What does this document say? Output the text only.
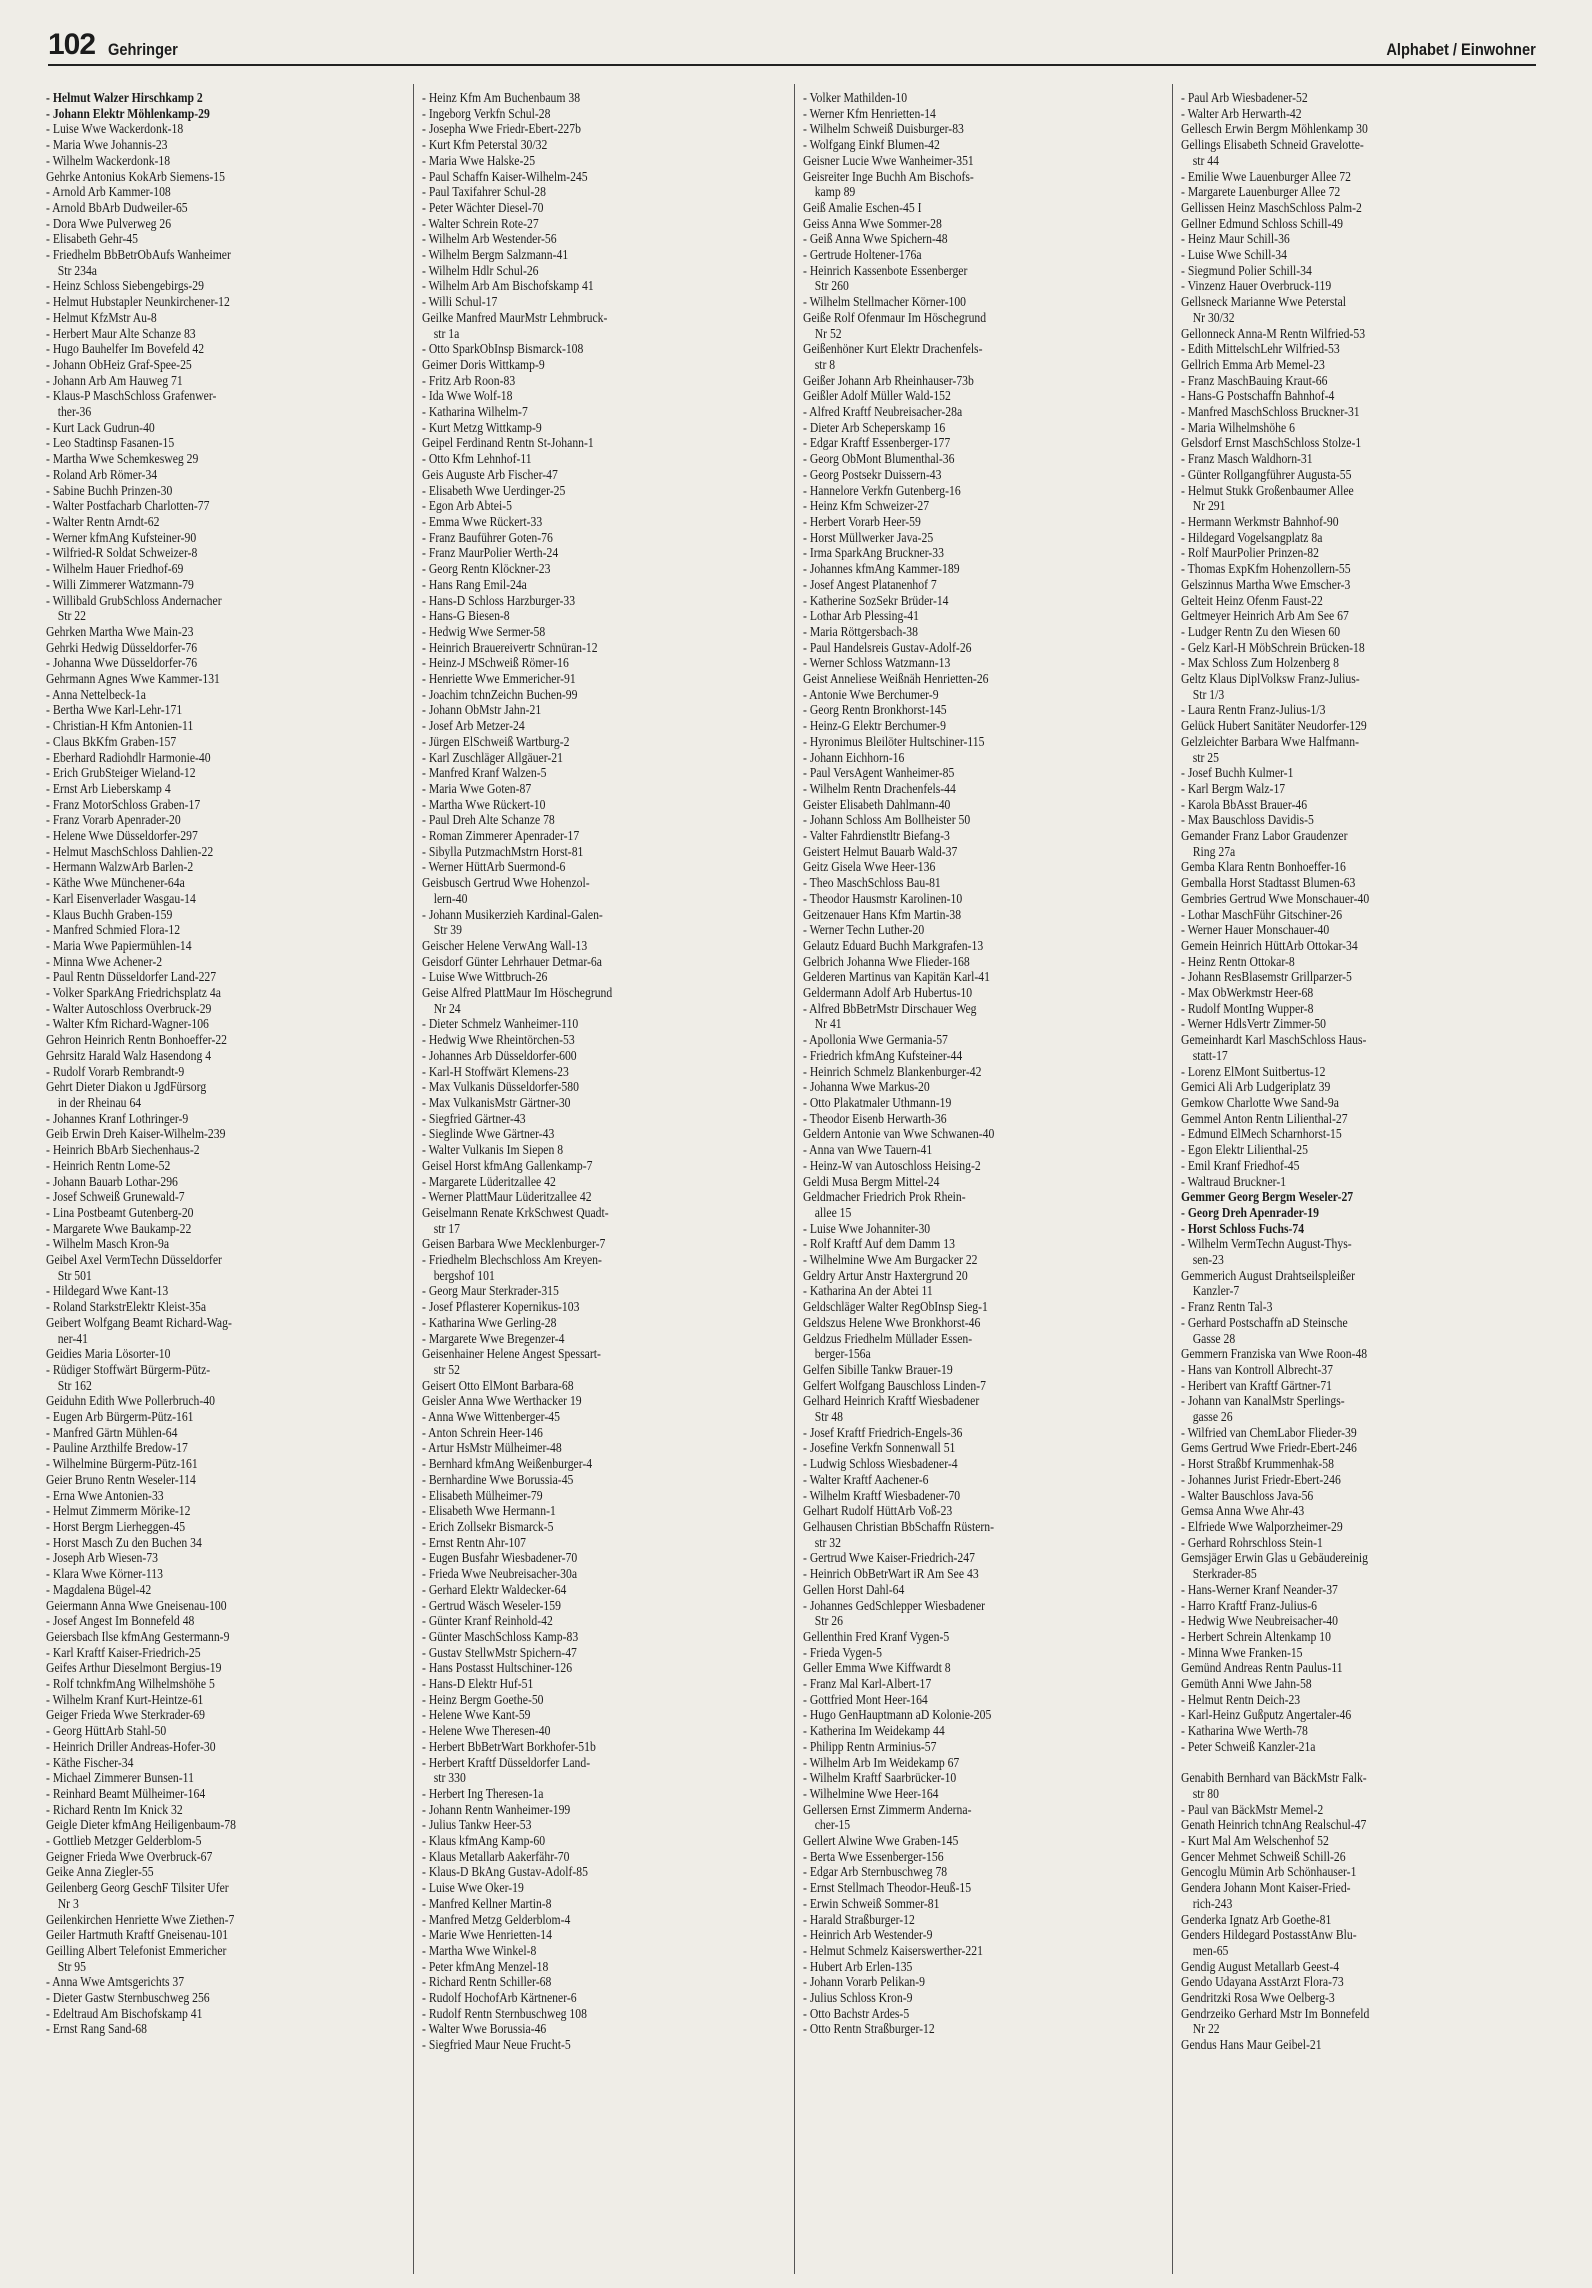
102 Gehringer	Alphabet / Einwohner
- Helmut Walzer Hirschkamp 2
- Johann Elektr Möhlenkamp-29
- Luise Wwe Wackerdonk-18
- Maria Wwe Johannis-23
- Wilhelm Wackerdonk-18
Gehrke Antonius KokArb Siemens-15
- Arnold Arb Kammer-108
- Arnold BbArb Dudweiler-65
- Dora Wwe Pulverweg 26
- Elisabeth Gehr-45
- Friedhelm BbBetrObAufs Wanheimer
Str 234a
- Heinz Schloss Siebengebirgs-29
- Helmut Hubstapler Neunkirchener-12
- Helmut KfzMstr Au-8
- Herbert Maur Alte Schanze 83
- Hugo Bauhelfer Im Bovefeld 42
- Johann ObHeiz Graf-Spee-25
- Johann Arb Am Hauweg 71
- Klaus-P MaschSchloss Grafenwer-
ther-36
- Kurt Lack Gudrun-40
- Leo Stadtinsp Fasanen-15
- Martha Wwe Schemkesweg 29
- Roland Arb Römer-34
- Sabine Buchh Prinzen-30
- Walter Postfacharb Charlotten-77
- Walter Rentn Arndt-62
- Werner kfmAng Kufsteiner-90
- Wilfried-R Soldat Schweizer-8
- Wilhelm Hauer Friedhof-69
- Willi Zimmerer Watzmann-79
- Willibald GrubSchloss Andernacher
Str 22
Gehrken Martha Wwe Main-23
Gehrki Hedwig Düsseldorfer-76
- Johanna Wwe Düsseldorfer-76
Gehrmann Agnes Wwe Kammer-131
- Anna Nettelbeck-1a
- Bertha Wwe Karl-Lehr-171
- Christian-H Kfm Antonien-11
- Claus BkKfm Graben-157
- Eberhard Radiohdlr Harmonie-40
- Erich GrubSteiger Wieland-12
- Ernst Arb Lieberskamp 4
- Franz MotorSchloss Graben-17
- Franz Vorarb Apenrader-20
- Helene Wwe Düsseldorfer-297
- Helmut MaschSchloss Dahlien-22
- Hermann WalzwArb Barlen-2
- Käthe Wwe Münchener-64a
- Karl Eisenverlader Wasgau-14
- Klaus Buchh Graben-159
- Manfred Schmied Flora-12
- Maria Wwe Papiermühlen-14
- Minna Wwe Achener-2
- Paul Rentn Düsseldorfer Land-227
- Volker SparkAng Friedrichsplatz 4a
- Walter Autoschloss Overbruck-29
- Walter Kfm Richard-Wagner-106
Gehron Heinrich Rentn Bonhoeffer-22
Gehrsitz Harald Walz Hasendong 4
- Rudolf Vorarb Rembrandt-9
Gehrt Dieter Diakon u JgdFürsorg
in der Rheinau 64
- Johannes Kranf Lothringer-9
Geib Erwin Dreh Kaiser-Wilhelm-239
- Heinrich BbArb Siechenhaus-2
- Heinrich Rentn Lome-52
- Johann Bauarb Lothar-296
- Josef Schweiß Grunewald-7
- Lina Postbeamt Gutenberg-20
- Margarete Wwe Baukamp-22
- Wilhelm Masch Kron-9a
Geibel Axel VermTechn Düsseldorfer
Str 501
- Hildegard Wwe Kant-13
- Roland StarkstrElektr Kleist-35a
Geibert Wolfgang Beamt Richard-Wag-
ner-41
Geidies Maria Lösorter-10
- Rüdiger Stoffwärt Bürgerm-Pütz-
Str 162
Geiduhn Edith Wwe Pollerbruch-40
- Eugen Arb Bürgerm-Pütz-161
- Manfred Gärtn Mühlen-64
- Pauline Arzthilfe Bredow-17
- Wilhelmine Bürgerm-Pütz-161
Geier Bruno Rentn Weseler-114
- Erna Wwe Antonien-33
- Helmut Zimmerm Mörike-12
- Horst Bergm Lierheggen-45
- Horst Masch Zu den Buchen 34
- Joseph Arb Wiesen-73
- Klara Wwe Körner-113
- Magdalena Bügel-42
Geiermann Anna Wwe Gneisenau-100
- Josef Angest Im Bonnefeld 48
Geiersbach Ilse kfmAng Gestermann-9
- Karl Kraftf Kaiser-Friedrich-25
Geifes Arthur Dieselmont Bergius-19
- Rolf tchnkfmAng Wilhelmshöhe 5
- Wilhelm Kranf Kurt-Heintze-61
Geiger Frieda Wwe Sterkrader-69
- Georg HüttArb Stahl-50
- Heinrich Driller Andreas-Hofer-30
- Käthe Fischer-34
- Michael Zimmerer Bunsen-11
- Reinhard Beamt Mülheimer-164
- Richard Rentn Im Knick 32
Geigle Dieter kfmAng Heiligenbaum-78
- Gottlieb Metzger Gelderblom-5
Geigner Frieda Wwe Overbruck-67
Geike Anna Ziegler-55
Geilenberg Georg GeschF Tilsiter Ufer
Nr 3
Geilenkirchen Henriette Wwe Ziethen-7
Geiler Hartmuth Kraftf Gneisenau-101
Geilling Albert Telefonist Emmericher
Str 95
- Anna Wwe Amtsgerichts 37
- Dieter Gastw Sternbuschweg 256
- Edeltraud Am Bischofskamp 41
- Ernst Rang Sand-68
- Heinz Kfm Am Buchenbaum 38
- Ingeborg Verkfn Schul-28
- Josepha Wwe Friedr-Ebert-227b
- Kurt Kfm Peterstal 30/32
- Maria Wwe Halske-25
- Paul Schaffn Kaiser-Wilhelm-245
- Paul Taxifahrer Schul-28
- Peter Wächter Diesel-70
- Walter Schrein Rote-27
- Wilhelm Arb Westender-56
- Wilhelm Bergm Salzmann-41
- Wilhelm Hdlr Schul-26
- Wilhelm Arb Am Bischofskamp 41
- Willi Schul-17
Geilke Manfred MaurMstr Lehmbruck-
str 1a
- Otto SparkObInsp Bismarck-108
Geimer Doris Wittkamp-9
- Fritz Arb Roon-83
- Ida Wwe Wolf-18
- Katharina Wilhelm-7
- Kurt Metzg Wittkamp-9
Geipel Ferdinand Rentn St-Johann-1
- Otto Kfm Lehnhof-11
Geis Auguste Arb Fischer-47
- Elisabeth Wwe Uerdinger-25
- Egon Arb Abtei-5
- Emma Wwe Rückert-33
- Franz Bauführer Goten-76
- Franz MaurPolier Werth-24
- Georg Rentn Klöckner-23
- Hans Rang Emil-24a
- Hans-D Schloss Harzburger-33
- Hans-G Biesen-8
- Hedwig Wwe Sermer-58
- Heinrich Brauereivertr Schnüran-12
- Heinz-J MSchweiß Römer-16
- Henriette Wwe Emmericher-91
- Joachim tchnZeichn Buchen-99
- Johann ObMstr Jahn-21
- Josef Arb Metzer-24
- Jürgen ElSchweiß Wartburg-2
- Karl Zuschläger Allgäuer-21
- Manfred Kranf Walzen-5
- Maria Wwe Goten-87
- Martha Wwe Rückert-10
- Paul Dreh Alte Schanze 78
- Roman Zimmerer Apenrader-17
- Sibylla PutzmachMstrn Horst-81
- Werner HüttArb Suermond-6
Geisbusch Gertrud Wwe Hohenzol-
lern-40
- Johann Musikerzieh Kardinal-Galen-
Str 39
Geischer Helene VerwAng Wall-13
Geisdorf Günter Lehrhauer Detmar-6a
- Luise Wwe Wittbruch-26
Geise Alfred PlattMaur Im Höschegrund
Nr 24
- Dieter Schmelz Wanheimer-110
- Hedwig Wwe Rheintörchen-53
- Johannes Arb Düsseldorfer-600
- Karl-H Stoffwärt Klemens-23
- Max Vulkanis Düsseldorfer-580
- Max VulkanisMstr Gärtner-30
- Siegfried Gärtner-43
- Sieglinde Wwe Gärtner-43
- Walter Vulkanis Im Siepen 8
Geisel Horst kfmAng Gallenkamp-7
- Margarete Lüderitzallee 42
- Werner PlattMaur Lüderitzallee 42
Geiselmann Renate KrkSchwest Quadt-
str 17
Geisen Barbara Wwe Mecklenburger-7
- Friedhelm Blechschloss Am Kreyen-
bergshof 101
- Georg Maur Sterkrader-315
- Josef Pflasterer Kopernikus-103
- Katharina Wwe Gerling-28
- Margarete Wwe Bregenzer-4
Geisenhainer Helene Angest Spessart-
str 52
Geisert Otto ElMont Barbara-68
Geisler Anna Wwe Werthacker 19
- Anna Wwe Wittenberger-45
- Anton Schrein Heer-146
- Artur HsMstr Mülheimer-48
- Bernhard kfmAng Weißenburger-4
- Bernhardine Wwe Borussia-45
- Elisabeth Mülheimer-79
- Elisabeth Wwe Hermann-1
- Erich Zollsekr Bismarck-5
- Ernst Rentn Ahr-107
- Eugen Busfahr Wiesbadener-70
- Frieda Wwe Neubreisacher-30a
- Gerhard Elektr Waldecker-64
- Gertrud Wäsch Weseler-159
- Günter Kranf Reinhold-42
- Günter MaschSchloss Kamp-83
- Gustav StellwMstr Spichern-47
- Hans Postasst Hultschiner-126
- Hans-D Elektr Huf-51
- Heinz Bergm Goethe-50
- Helene Wwe Kant-59
- Helene Wwe Theresen-40
- Herbert BbBetrWart Borkhofer-51b
- Herbert Kraftf Düsseldorfer Land-
str 330
- Herbert Ing Theresen-1a
- Johann Rentn Wanheimer-199
- Julius Tankw Heer-53
- Klaus kfmAng Kamp-60
- Klaus Metallarb Aakerfähr-70
- Klaus-D BkAng Gustav-Adolf-85
- Luise Wwe Oker-19
- Manfred Kellner Martin-8
- Manfred Metzg Gelderblom-4
- Marie Wwe Henrietten-14
- Martha Wwe Winkel-8
- Peter kfmAng Menzel-18
- Richard Rentn Schiller-68
- Rudolf HochofArb Kärtnener-6
- Rudolf Rentn Sternbuschweg 108
- Walter Wwe Borussia-46
- Siegfried Maur Neue Frucht-5
- Volker Mathilden-10
- Werner Kfm Henrietten-14
- Wilhelm Schweiß Duisburger-83
- Wolfgang Einkf Blumen-42
Geisner Lucie Wwe Wanheimer-351
Geisreiter Inge Buchh Am Bischofs-
kamp 89
Geiß Amalie Eschen-45 I
Geiss Anna Wwe Sommer-28
- Geiß Anna Wwe Spichern-48
- Gertrude Holtener-176a
- Heinrich Kassenbote Essenberger
Str 260
- Wilhelm Stellmacher Körner-100
Geiße Rolf Ofenmaur Im Höschegrund
Nr 52
Geißenhöner Kurt Elektr Drachenfels-
str 8
Geißer Johann Arb Rheinhauser-73b
Geißler Adolf Müller Wald-152
- Alfred Kraftf Neubreisacher-28a
- Dieter Arb Scheperskamp 16
- Edgar Kraftf Essenberger-177
- Georg ObMont Blumenthal-36
- Georg Postsekr Duissern-43
- Hannelore Verkfn Gutenberg-16
- Heinz Kfm Schweizer-27
- Herbert Vorarb Heer-59
- Horst Müllwerker Java-25
- Irma SparkAng Bruckner-33
- Johannes kfmAng Kammer-189
- Josef Angest Platanenhof 7
- Katherine SozSekr Brüder-14
- Lothar Arb Plessing-41
- Maria Röttgersbach-38
- Paul Handelsreis Gustav-Adolf-26
- Werner Schloss Watzmann-13
Geist Anneliese Weißnäh Henrietten-26
- Antonie Wwe Berchumer-9
- Georg Rentn Bronkhorst-145
- Heinz-G Elektr Berchumer-9
- Hyronimus Bleilöter Hultschiner-115
- Johann Eichhorn-16
- Paul VersAgent Wanheimer-85
- Wilhelm Rentn Drachenfels-44
Geister Elisabeth Dahlmann-40
- Johann Schloss Am Bollheister 50
- Valter Fahrdienstltr Biefang-3
Geistert Helmut Bauarb Wald-37
Geitz Gisela Wwe Heer-136
- Theo MaschSchloss Bau-81
- Theodor Hausmstr Karolinen-10
Geitzenauer Hans Kfm Martin-38
- Werner Techn Luther-20
Gelautz Eduard Buchh Markgrafen-13
Gelbrich Johanna Wwe Flieder-168
Gelderen Martinus van Kapitän Karl-41
Geldermann Adolf Arb Hubertus-10
- Alfred BbBetrMstr Dirschauer Weg
Nr 41
- Apollonia Wwe Germania-57
- Friedrich kfmAng Kufsteiner-44
- Heinrich Schmelz Blankenburger-42
- Johanna Wwe Markus-20
- Otto Plakatmaler Uthmann-19
- Theodor Eisenb Herwarth-36
Geldern Antonie van Wwe Schwanen-40
- Anna van Wwe Tauern-41
- Heinz-W van Autoschloss Heising-2
Geldi Musa Bergm Mittel-24
Geldmacher Friedrich Prok Rhein-
allee 15
- Luise Wwe Johanniter-30
- Rolf Kraftf Auf dem Damm 13
- Wilhelmine Wwe Am Burgacker 22
Geldry Artur Anstr Haxtergrund 20
- Katharina An der Abtei 11
Geldschläger Walter RegObInsp Sieg-1
Geldszus Helene Wwe Bronkhorst-46
Geldzus Friedhelm Müllader Essen-
berger-156a
Gelfen Sibille Tankw Brauer-19
Gelfert Wolfgang Bauschloss Linden-7
Gelhard Heinrich Kraftf Wiesbadener
Str 48
- Josef Kraftf Friedrich-Engels-36
- Josefine Verkfn Sonnenwall 51
- Ludwig Schloss Wiesbadener-4
- Walter Kraftf Aachener-6
- Wilhelm Kraftf Wiesbadener-70
Gelhart Rudolf HüttArb Voß-23
Gelhausen Christian BbSchaffn Rüstern-
str 32
- Gertrud Wwe Kaiser-Friedrich-247
- Heinrich ObBetrWart iR Am See 43
Gellen Horst Dahl-64
- Johannes GedSchlepper Wiesbadener
Str 26
Gellenthin Fred Kranf Vygen-5
- Frieda Vygen-5
Geller Emma Wwe Kiffwardt 8
- Franz Mal Karl-Albert-17
- Gottfried Mont Heer-164
- Hugo GenHauptmann aD Kolonie-205
- Katherina Im Weidekamp 44
- Philipp Rentn Arminius-57
- Wilhelm Arb Im Weidekamp 67
- Wilhelm Kraftf Saarbrücker-10
- Wilhelmine Wwe Heer-164
Gellersen Ernst Zimmerm Anderna-
cher-15
Gellert Alwine Wwe Graben-145
- Berta Wwe Essenberger-156
- Edgar Arb Sternbuschweg 78
- Ernst Stellmach Theodor-Heuß-15
- Erwin Schweiß Sommer-81
- Harald Straßburger-12
- Heinrich Arb Westender-9
- Helmut Schmelz Kaiserswerther-221
- Hubert Arb Erlen-135
- Johann Vorarb Pelikan-9
- Julius Schloss Kron-9
- Otto Bachstr Ardes-5
- Otto Rentn Straßburger-12
- Paul Arb Wiesbadener-52
- Walter Arb Herwarth-42
Gellesch Erwin Bergm Möhlenkamp 30
Gellings Elisabeth Schneid Gravelotte-
str 44
- Emilie Wwe Lauenburger Allee 72
- Margarete Lauenburger Allee 72
Gellissen Heinz MaschSchloss Palm-2
Gellner Edmund Schloss Schill-49
- Heinz Maur Schill-36
- Luise Wwe Schill-34
- Siegmund Polier Schill-34
- Vinzenz Hauer Overbruck-119
Gellsneck Marianne Wwe Peterstal
Nr 30/32
Gellonneck Anna-M Rentn Wilfried-53
- Edith MittelschLehr Wilfried-53
Gellrich Emma Arb Memel-23
- Franz MaschBauing Kraut-66
- Hans-G Postschaffn Bahnhof-4
- Manfred MaschSchloss Bruckner-31
- Maria Wilhelmshöhe 6
Gelsdorf Ernst MaschSchloss Stolze-1
- Franz Masch Waldhorn-31
- Günter Rollgangführer Augusta-55
- Helmut Stukk Großenbaumer Allee
Nr 291
- Hermann Werkmstr Bahnhof-90
- Hildegard Vogelsangplatz 8a
- Rolf MaurPolier Prinzen-82
- Thomas ExpKfm Hohenzollern-55
Gelszinnus Martha Wwe Emscher-3
Gelteit Heinz Ofenm Faust-22
Geltmeyer Heinrich Arb Am See 67
- Ludger Rentn Zu den Wiesen 60
- Gelz Karl-H MöbSchrein Brücken-18
- Max Schloss Zum Holzenberg 8
Geltz Klaus DiplVolksw Franz-Julius-
Str 1/3
- Laura Rentn Franz-Julius-1/3
Gelück Hubert Sanitäter Neudorfer-129
Gelzleichter Barbara Wwe Halfmann-
str 25
- Josef Buchh Kulmer-1
- Karl Bergm Walz-17
- Karola BbAsst Brauer-46
- Max Bauschloss Davidis-5
Gemander Franz Labor Graudenzer
Ring 27a
Gemba Klara Rentn Bonhoeffer-16
Gemballa Horst Stadtasst Blumen-63
Gembries Gertrud Wwe Monschauer-40
- Lothar MaschFühr Gitschiner-26
- Werner Hauer Monschauer-40
Gemein Heinrich HüttArb Ottokar-34
- Heinz Rentn Ottokar-8
- Johann ResBlasemstr Grillparzer-5
- Max ObWerkmstr Heer-68
- Rudolf MontIng Wupper-8
- Werner HdlsVertr Zimmer-50
Gemeinhardt Karl MaschSchloss Haus-
statt-17
- Lorenz ElMont Suitbertus-12
Gemici Ali Arb Ludgeriplatz 39
Gemkow Charlotte Wwe Sand-9a
Gemmel Anton Rentn Lilienthal-27
- Edmund ElMech Scharnhorst-15
- Egon Elektr Lilienthal-25
- Emil Kranf Friedhof-45
- Waltraud Bruckner-1
Gemmer Georg Bergm Weseler-27
- Georg Dreh Apenrader-19
- Horst Schloss Fuchs-74
- Wilhelm VermTechn August-Thys-
sen-23
Gemmerich August Drahtseilspleißer
Kanzler-7
- Franz Rentn Tal-3
- Gerhard Postschaffn aD Steinsche
Gasse 28
Gemmern Franziska van Wwe Roon-48
- Hans van Kontroll Albrecht-37
- Heribert van Kraftf Gärtner-71
- Johann van KanalMstr Sperlings-
gasse 26
- Wilfried van ChemLabor Flieder-39
Gems Gertrud Wwe Friedr-Ebert-246
- Horst Straßbf Krummenhak-58
- Johannes Jurist Friedr-Ebert-246
- Walter Bauschloss Java-56
Gemsa Anna Wwe Ahr-43
- Elfriede Wwe Walporzheimer-29
- Gerhard Rohrschloss Stein-1
Gemsjäger Erwin Glas u Gebäudereinig
Sterkrader-85
- Hans-Werner Kranf Neander-37
- Harro Kraftf Franz-Julius-6
- Hedwig Wwe Neubreisacher-40
- Herbert Schrein Altenkamp 10
- Minna Wwe Franken-15
Gemünd Andreas Rentn Paulus-11
Gemüth Anni Wwe Jahn-58
- Helmut Rentn Deich-23
- Karl-Heinz Gußputz Angertaler-46
- Katharina Wwe Werth-78
- Peter Schweiß Kanzler-21a

Genabith Bernhard van BäckMstr Falk-
str 80
- Paul van BäckMstr Memel-2
Genath Heinrich tchnAng Realschul-47
- Kurt Mal Am Welschenhof 52
Gencer Mehmet Schweiß Schill-26
Gencoglu Mümin Arb Schönhauser-1
Gendera Johann Mont Kaiser-Fried-
rich-243
Genderka Ignatz Arb Goethe-81
Genders Hildegard PostasstAnw Blu-
men-65
Gendig August Metallarb Geest-4
Gendo Udayana AsstArzt Flora-73
Gendritzki Rosa Wwe Oelberg-3
Gendrzeiko Gerhard Mstr Im Bonnefeld
Nr 22
Gendus Hans Maur Geibel-21
